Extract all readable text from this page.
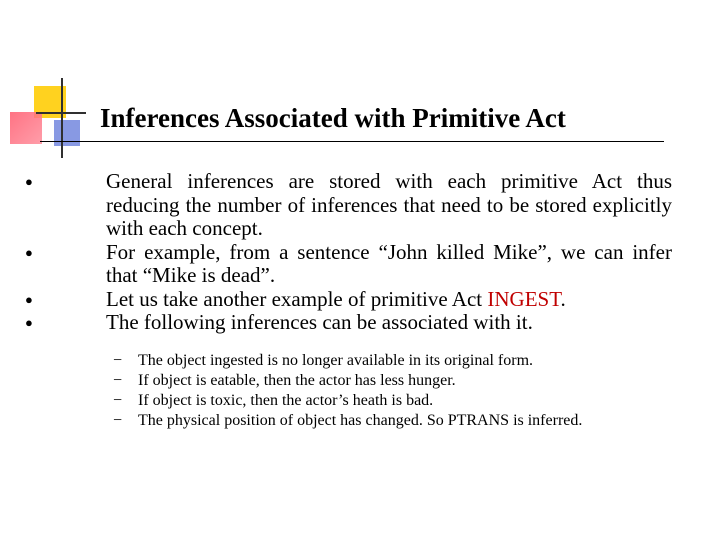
Inferences Associated with Primitive Act
●	General inferences are stored with each primitive Act thus reducing the number of inferences that need to be stored explicitly with each concept.
●	For example, from a sentence “John killed Mike”, we can infer that “Mike is dead”.
●	Let us take another example of primitive Act INGEST.
●	The following inferences can be associated with it.
− The object ingested is no longer available in its original form.
− If object is eatable, then the actor has less hunger.
− If object is toxic, then the actor’s heath is bad.
− The physical position of object has changed. So PTRANS is inferred.
